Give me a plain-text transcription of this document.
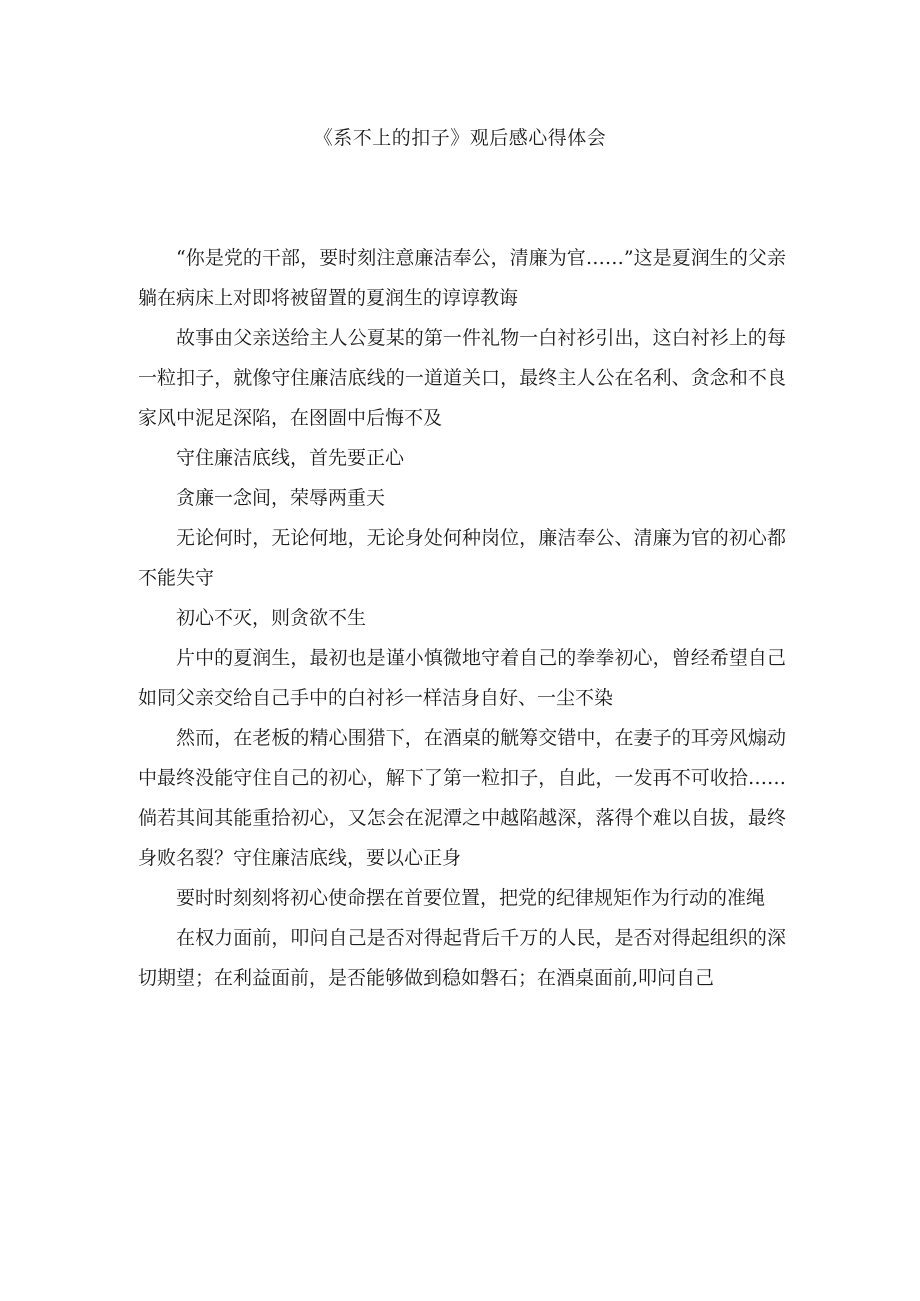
《系不上的扣子》观后感心得体会

“你是党的干部，要时刻注意廉洁奉公，清廉为官……”这是夏润生的父亲躺在病床上对即将被留置的夏润生的谆谆教诲

故事由父亲送给主人公夏某的第一件礼物一白衬衫引出，这白衬衫上的每一粒扣子，就像守住廉洁底线的一道道关口，最终主人公在名利、贪念和不良家风中泥足深陷，在囹圄中后悔不及

守住廉洁底线，首先要正心

贪廉一念间，荣辱两重天

无论何时，无论何地，无论身处何种岗位，廉洁奉公、清廉为官的初心都不能失守

初心不灭，则贪欲不生

片中的夏润生，最初也是谨小慎微地守着自己的拳拳初心，曾经希望自己如同父亲交给自己手中的白衬衫一样洁身自好、一尘不染

然而，在老板的精心围猎下，在酒桌的觥筹交错中，在妻子的耳旁风煽动中最终没能守住自己的初心，解下了第一粒扣子，自此，一发再不可收拾……倘若其间其能重拾初心，又怎会在泥潭之中越陷越深，落得个难以自拔，最终身败名裂？守住廉洁底线，要以心正身

要时时刻刻将初心使命摆在首要位置，把党的纪律规矩作为行动的准绳

在权力面前，叩问自己是否对得起背后千万的人民，是否对得起组织的深切期望；在利益面前，是否能够做到稳如磐石；在酒桌面前,叩问自己
